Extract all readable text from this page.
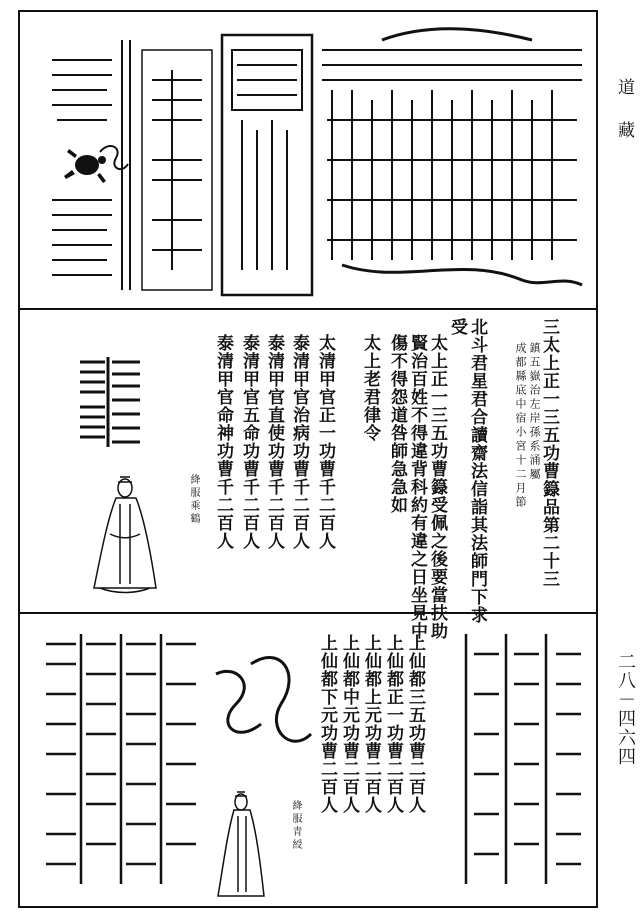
道藏
二八－四六四
三太上正一三五功曹籙品第二十三
鎮五嶽治左岸孫系涌屬
成都縣底中宿小宮十二月節
北斗君星君合讀齋法信詣其法師門下求
受
太上正一三五功曹籙受佩之後要當扶助
賢治百姓不得違背科約有違之日坐見中
傷不得怨道咎師急急如
太上老君律令
太清甲官正一功曹千二百人
泰清甲官治病功曹千二百人
泰清甲官直使功曹千二百人
泰清甲官五命功曹千二百人
泰清甲官命神功曹千二百人
絳服乘鶴
上仙都三五功曹二百人
上仙都正一功曹二百人
上仙都上元功曹二百人
上仙都中元功曹二百人
上仙都下元功曹二百人
絳服青綬
